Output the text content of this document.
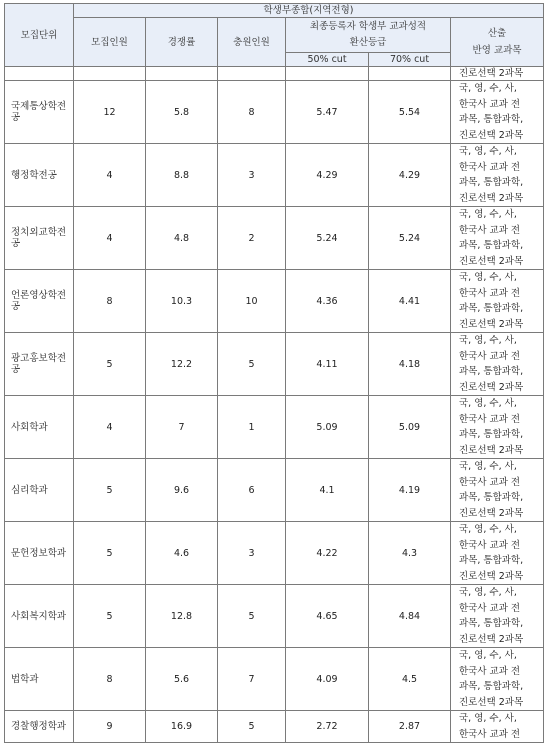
모집단위	학생부종합(지역전형)					
	모집인원	경쟁률	충원인원	최종등록자 학생부 교과성적 환산등급		산출
반영 교과목

				50% cut	70% cut	
						진로선택 2과목
국제통상학전공	12	5.8	8	5.47	5.54	국, 영, 수, 사,
한국사 교과 전
과목, 통합과학,
진로선택 2과목

행정학전공	4	8.8	3	4.29	4.29	국, 영, 수, 사,
한국사 교과 전
과목, 통합과학,
진로선택 2과목

정치외교학전공	4	4.8	2	5.24	5.24	국, 영, 수, 사,
한국사 교과 전
과목, 통합과학,
진로선택 2과목

언론영상학전공	8	10.3	10	4.36	4.41	국, 영, 수, 사,
한국사 교과 전
과목, 통합과학,
진로선택 2과목

광고홍보학전공	5	12.2	5	4.11	4.18	국, 영, 수, 사,
한국사 교과 전
과목, 통합과학,
진로선택 2과목

사회학과	4	7	1	5.09	5.09	국, 영, 수, 사,
한국사 교과 전
과목, 통합과학,
진로선택 2과목

심리학과	5	9.6	6	4.1	4.19	국, 영, 수, 사,
한국사 교과 전
과목, 통합과학,
진로선택 2과목

문헌정보학과	5	4.6	3	4.22	4.3	국, 영, 수, 사,
한국사 교과 전
과목, 통합과학,
진로선택 2과목

사회복지학과	5	12.8	5	4.65	4.84	국, 영, 수, 사,
한국사 교과 전
과목, 통합과학,
진로선택 2과목

법학과	8	5.6	7	4.09	4.5	국, 영, 수, 사,
한국사 교과 전
과목, 통합과학,
진로선택 2과목

경찰행정학과	9	16.9	5	2.72	2.87	국, 영, 수, 사,
한국사 교과 전
